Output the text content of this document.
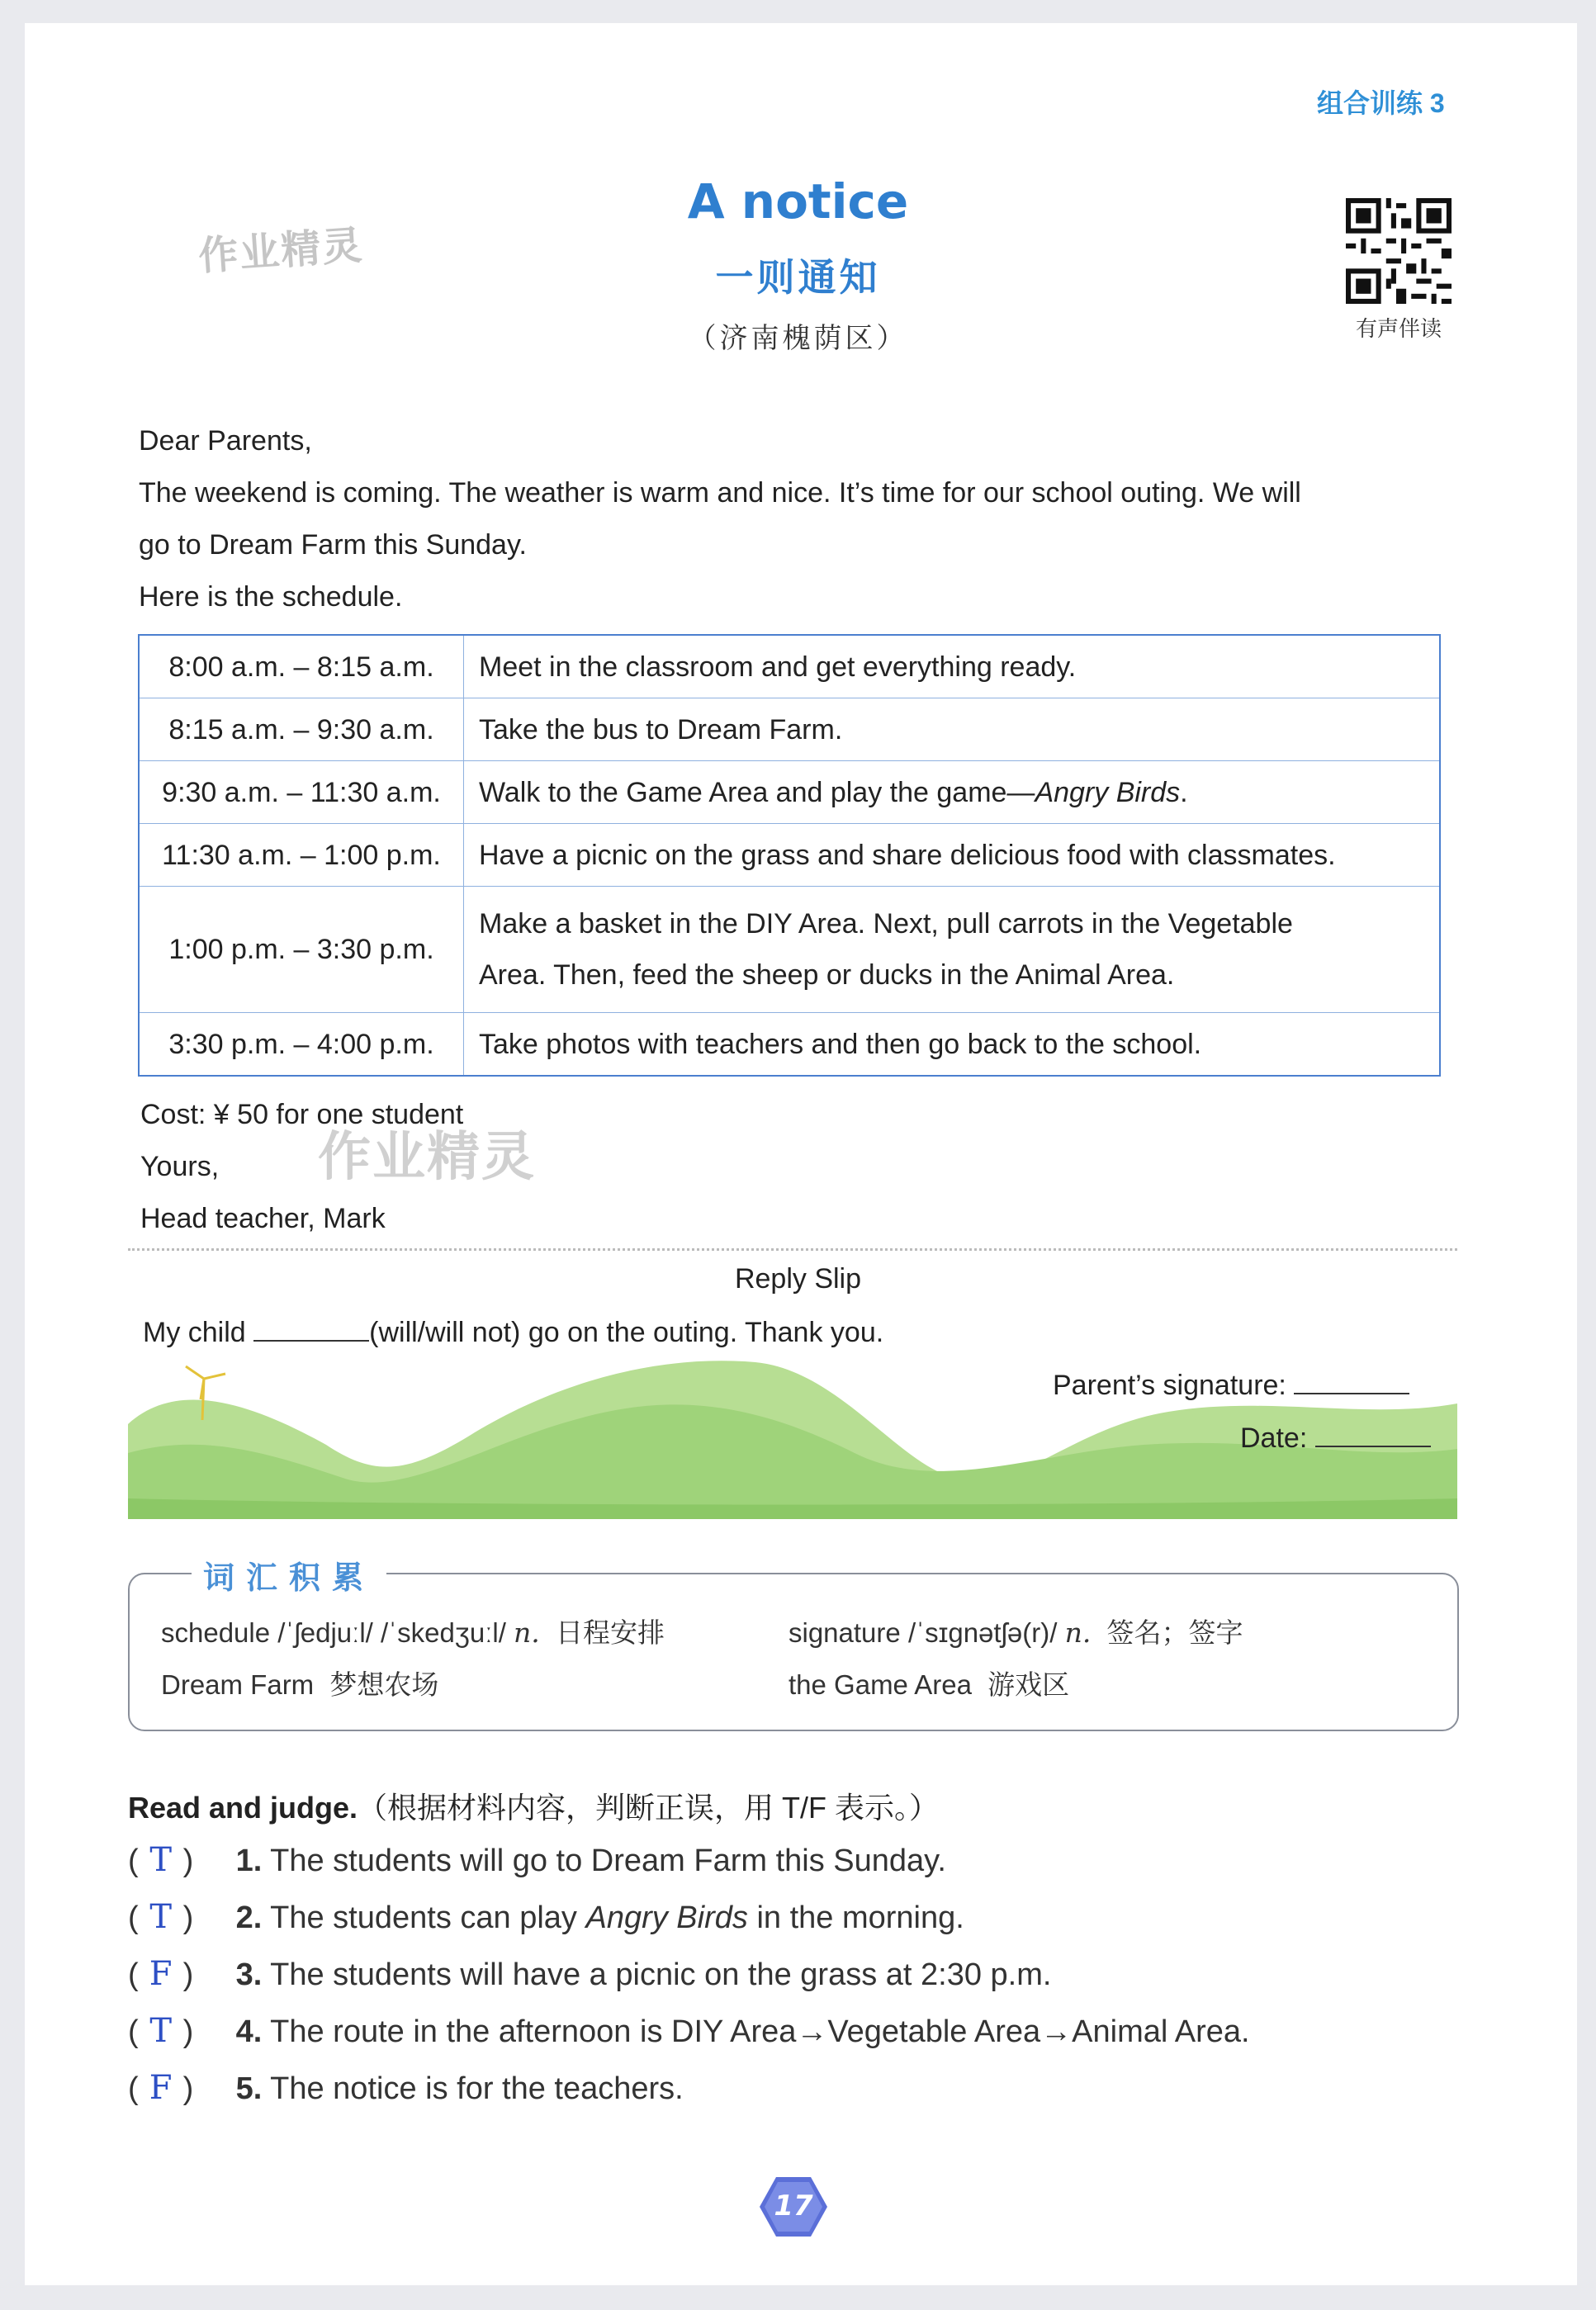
组合训练 3
作业精灵
A notice
一则通知
（济南槐荫区）	有声伴读
Dear Parents,
The weekend is coming. The weather is warm and nice. It’s time for our school outing. We will
go to Dream Farm this Sunday.
Here is the schedule.
8:00 a.m. – 8:15 a.m.	Meet in the classroom and get everything ready.
8:15 a.m. – 9:30 a.m.	Take the bus to Dream Farm.
9:30 a.m. – 11:30 a.m.	Walk to the Game Area and play the game—Angry Birds.
11:30 a.m. – 1:00 p.m.	Have a picnic on the grass and share delicious food with classmates.
1:00 p.m. – 3:30 p.m.	Make a basket in the DIY Area. Next, pull carrots in the Vegetable
Area. Then, feed the sheep or ducks in the Animal Area.

3:30 p.m. – 4:00 p.m.	Take photos with teachers and then go back to the school.
Cost: ¥ 50 for one student
作业精灵
Yours,
Head teacher, Mark
Reply Slip
My child	(will/will not) go on the outing. Thank you.
Parent’s signature:
Date:
词汇积累
schedule /ˈʃedjuːl/ /ˈskedʒuːl/ n. 日程安排	signature /ˈsɪɡnətʃə(r)/ n. 签名；签字
Dream Farm 梦想农场	the Game Area 游戏区
Read and judge.（根据材料内容，判断正误，用 T/F 表示。）
( T ) 1. The students will go to Dream Farm this Sunday.
( T ) 2. The students can play Angry Birds in the morning.
( F ) 3. The students will have a picnic on the grass at 2:30 p.m.
( T ) 4. The route in the afternoon is DIY Area→Vegetable Area→Animal Area.
( F ) 5. The notice is for the teachers.
17
